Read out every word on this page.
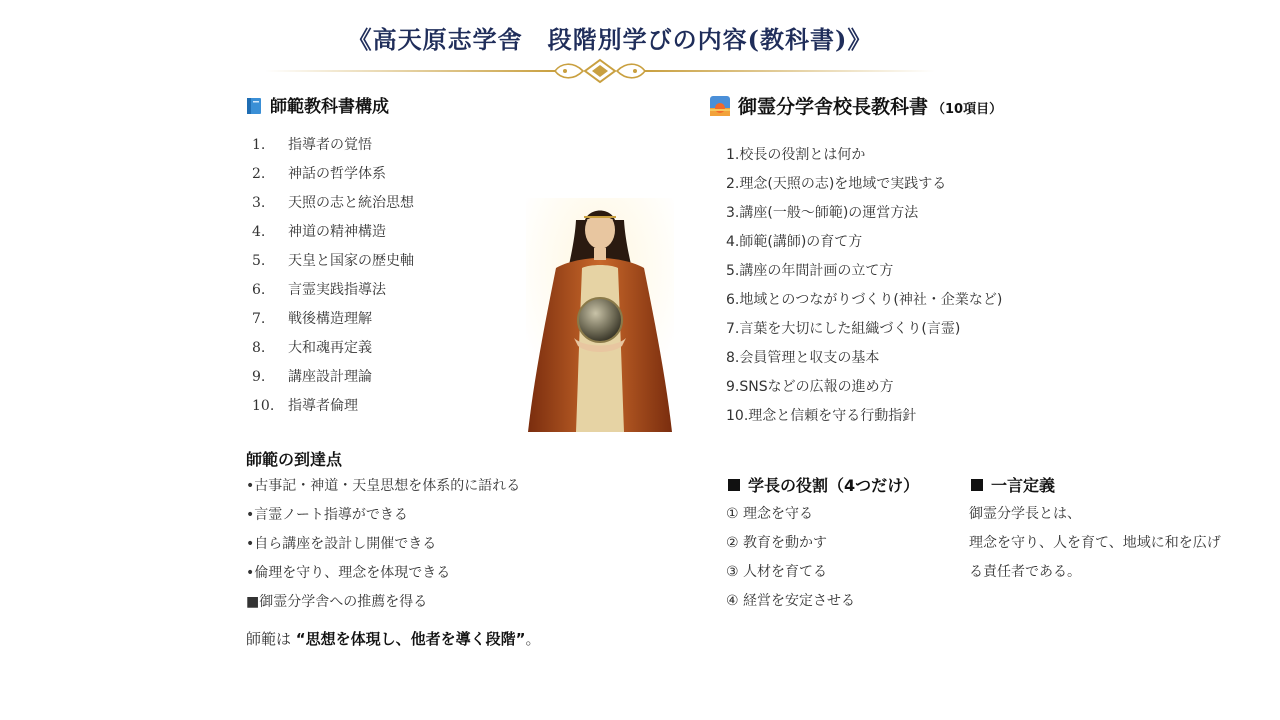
《高天原志学舎　段階別学びの内容(教科書)》
師範教科書構成
1. 指導者の覚悟
2. 神話の哲学体系
3. 天照の志と統治思想
4. 神道の精神構造
5. 天皇と国家の歴史軸
6. 言霊実践指導法
7. 戦後構造理解
8. 大和魂再定義
9. 講座設計理論
10. 指導者倫理
師範の到達点
•古事記・神道・天皇思想を体系的に語れる
•言霊ノート指導ができる
•自ら講座を設計し開催できる
•倫理を守り、理念を体現できる
■御霊分学舎への推薦を得る
師範は “思想を体現し、他者を導く段階”。
御霊分学舎校長教科書 （10項目）
1.校長の役割とは何か
2.理念(天照の志)を地域で実践する
3.講座(一般～師範)の運営方法
4.師範(講師)の育て方
5.講座の年間計画の立て方
6.地域とのつながりづくり(神社・企業など)
7.言葉を大切にした組織づくり(言霊)
8.会員管理と収支の基本
9.SNSなどの広報の進め方
10.理念と信頼を守る行動指針
学長の役割（4つだけ）
① 理念を守る
② 教育を動かす
③ 人材を育てる
④ 経営を安定させる
一言定義
御霊分学長とは、
理念を守り、人を育て、地域に和を広げ
る責任者である。
